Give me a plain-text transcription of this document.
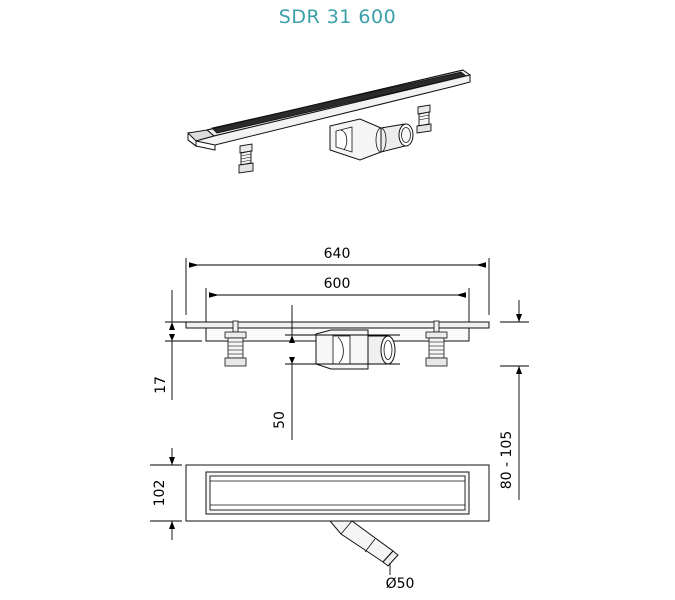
SDR 31 600
640
600
17
50
80 - 105
102
Ø50
